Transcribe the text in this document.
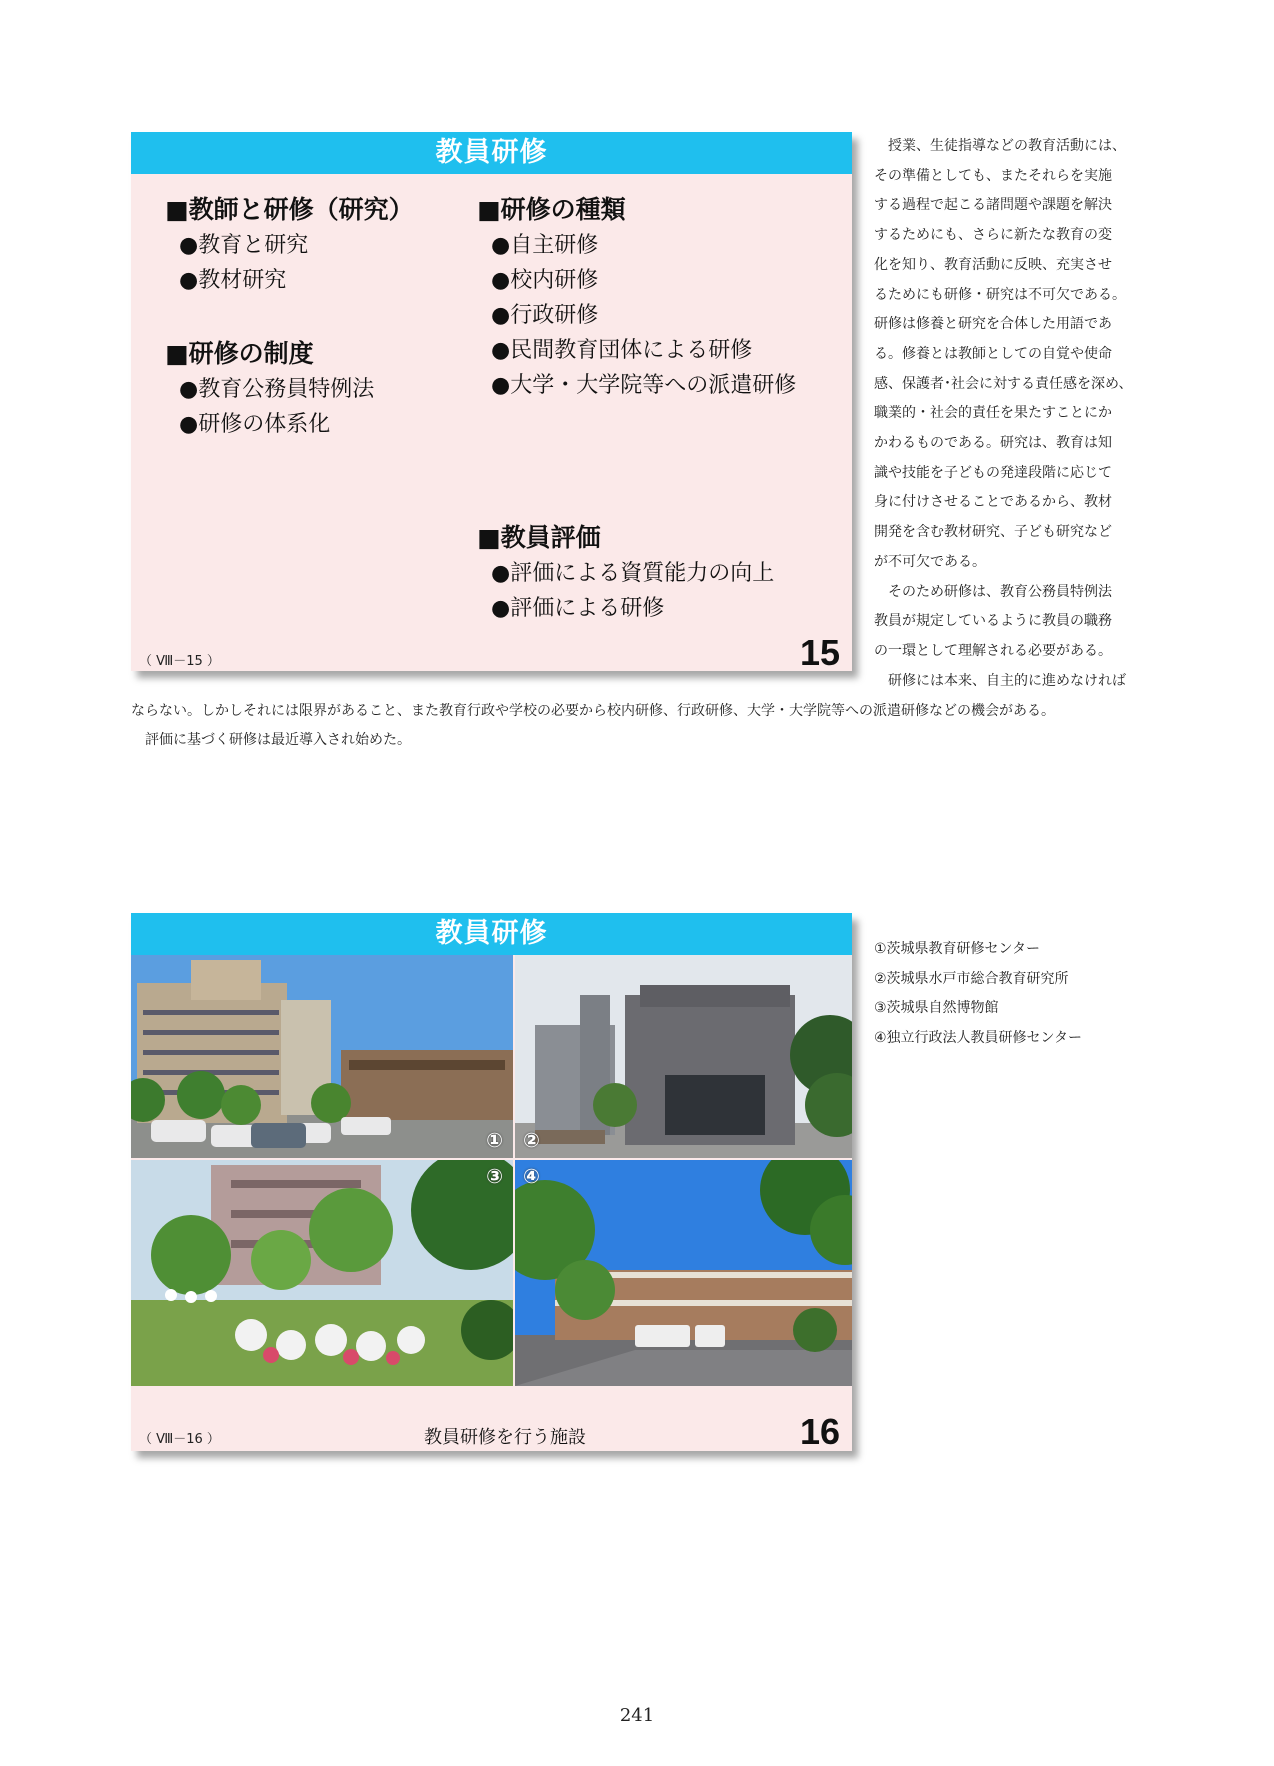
教員研修
■教師と研修（研究）
●教育と研究
●教材研究
■研修の制度
●教育公務員特例法
●研修の体系化
■研修の種類
●自主研修
●校内研修
●行政研修
●民間教育団体による研修
●大学・大学院等への派遣研修
■教員評価
●評価による資質能力の向上
●評価による研修
（ Ⅷ－15 ）	15

　授業、生徒指導などの教育活動には、

その準備としても、またそれらを実施

する過程で起こる諸問題や課題を解決

するためにも、さらに新たな教育の変

化を知り、教育活動に反映、充実させ

るためにも研修・研究は不可欠である。

研修は修養と研究を合体した用語であ

る。修養とは教師としての自覚や使命

感、保護者･社会に対する責任感を深め、

職業的・社会的責任を果たすことにか

かわるものである。研究は、教育は知

識や技能を子どもの発達段階に応じて

身に付けさせることであるから、教材

開発を含む教材研究、子ども研究など

が不可欠である。

　そのため研修は、教育公務員特例法

教員が規定しているように教員の職務

の一環として理解される必要がある。

　研修には本来、自主的に進めなければ

ならない。しかしそれには限界があること、また教育行政や学校の必要から校内研修、行政研修、大学・大学院等への派遣研修などの機会がある。
　評価に基づく研修は最近導入され始めた。
教員研修
① ②
③ ④
（ Ⅷ－16 ）	教員研修を行う施設	16
①茨城県教育研修センター
②茨城県水戸市総合教育研究所
③茨城県自然博物館
④独立行政法人教員研修センター
241
